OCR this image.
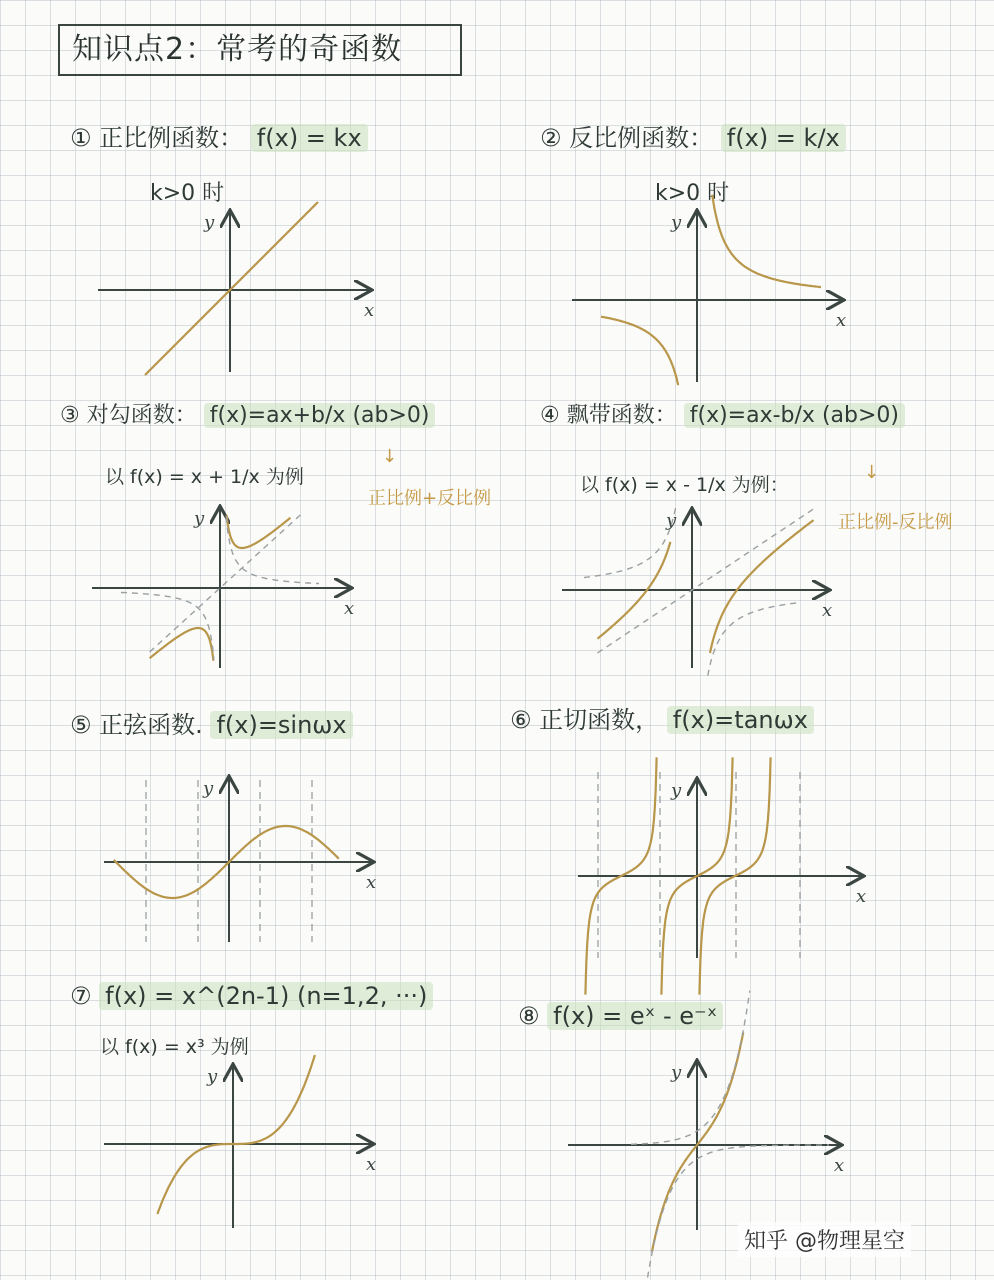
知识点2：常考的奇函数
① 正比例函数： f(x) = kx
k>0 时
② 反比例函数： f(x) = k/x
k>0 时
③ 对勾函数： f(x)=ax+b/x (ab>0)
以 f(x) = x + 1/x 为例
↓
正比例+反比例
④ 飘带函数： f(x)=ax-b/x (ab>0)
以 f(x) = x - 1/x 为例：
↓
正比例-反比例
⑤ 正弦函数. f(x)=sinωx	⑥ 正切函数， f(x)=tanωx
⑦ f(x) = x^(2n-1) (n=1,2, ···)
以 f(x) = x³ 为例
⑧ f(x) = eˣ - e⁻ˣ
知乎 @物理星空
x
y
x
y
x
y
x
y
x
y
x
y
x
y
x
y
